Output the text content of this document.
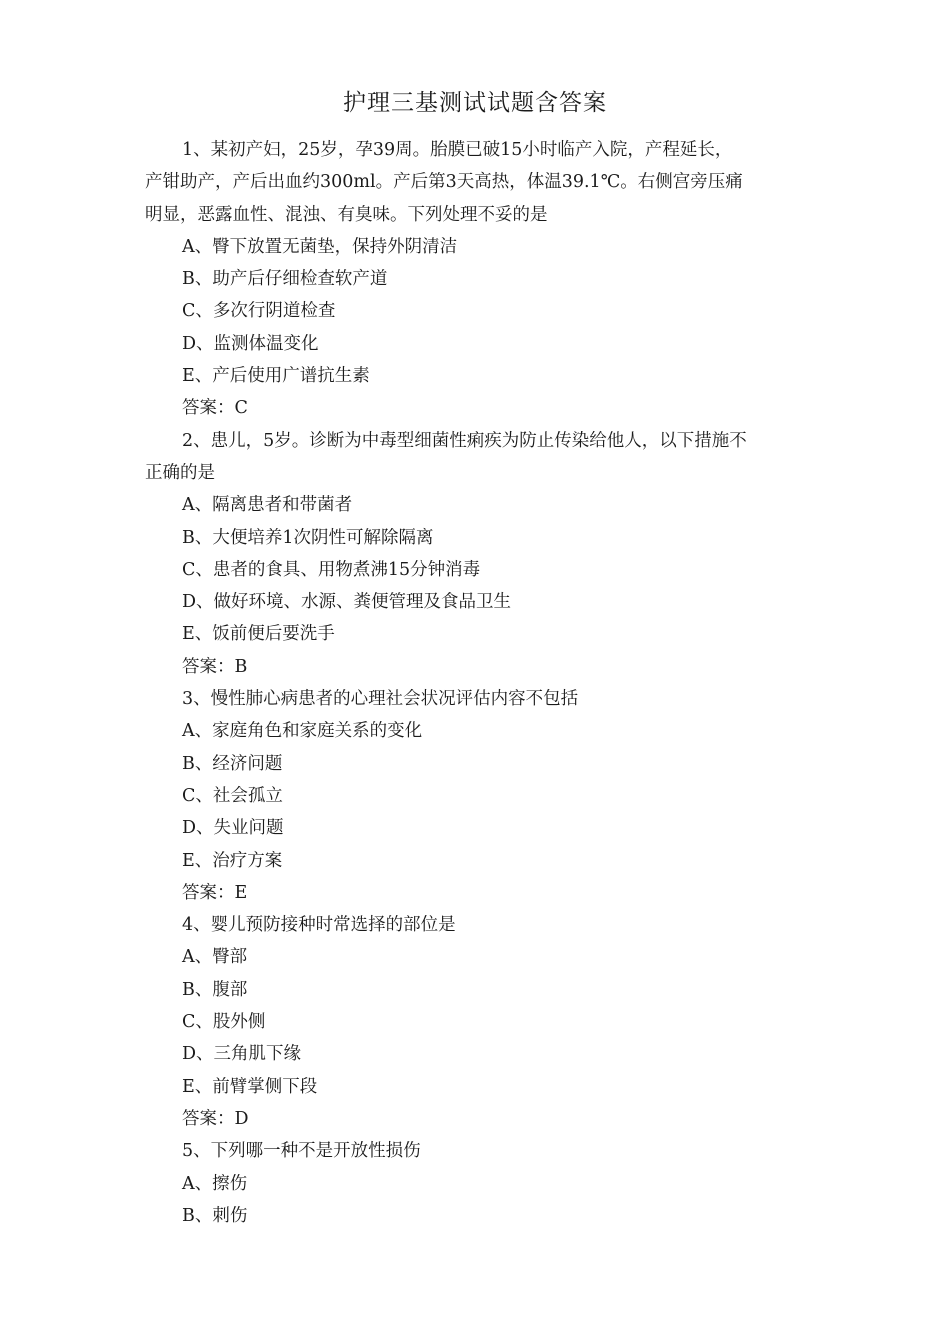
护理三基测试试题含答案
1、某初产妇，25岁，孕39周。胎膜已破15小时临产入院，产程延长，
产钳助产，产后出血约300ml。产后第3天高热，体温39.1℃。右侧宫旁压痛
明显，恶露血性、混浊、有臭味。下列处理不妥的是
A、臀下放置无菌垫，保持外阴清洁
B、助产后仔细检查软产道
C、多次行阴道检查
D、监测体温变化
E、产后使用广谱抗生素
答案：C
2、患儿，5岁。诊断为中毒型细菌性痢疾为防止传染给他人，以下措施不
正确的是
A、隔离患者和带菌者
B、大便培养1次阴性可解除隔离
C、患者的食具、用物煮沸15分钟消毒
D、做好环境、水源、粪便管理及食品卫生
E、饭前便后要洗手
答案：B
3、慢性肺心病患者的心理社会状况评估内容不包括
A、家庭角色和家庭关系的变化
B、经济问题
C、社会孤立
D、失业问题
E、治疗方案
答案：E
4、婴儿预防接种时常选择的部位是
A、臀部
B、腹部
C、股外侧
D、三角肌下缘
E、前臂掌侧下段
答案：D
5、下列哪一种不是开放性损伤
A、擦伤
B、刺伤
